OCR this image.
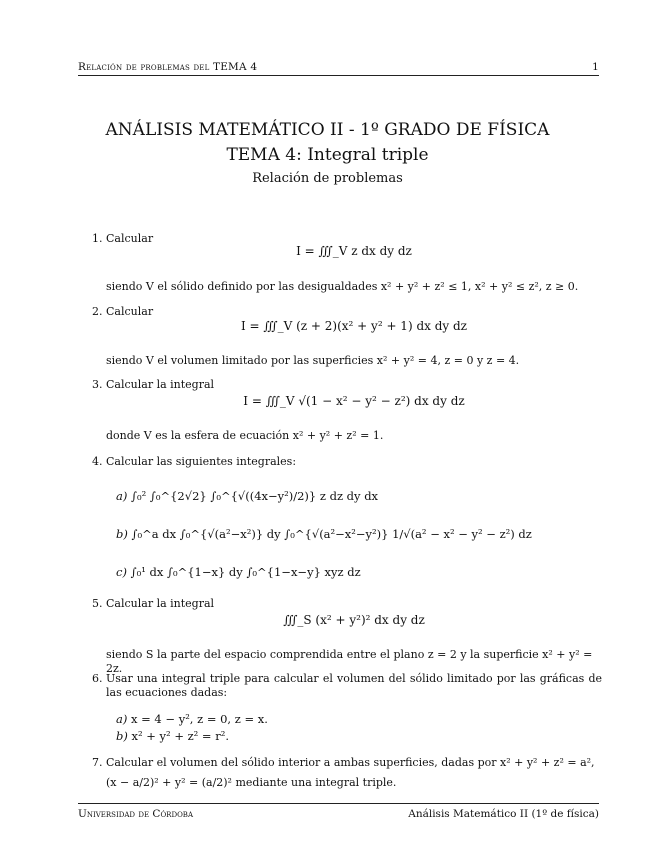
Relación de problemas del TEMA 4	1
ANÁLISIS MATEMÁTICO II - 1º GRADO DE FÍSICA
TEMA 4: Integral triple
Relación de problemas
1. Calcular
I = ∭_V z dx dy dz
siendo V el sólido definido por las desigualdades x² + y² + z² ≤ 1, x² + y² ≤ z², z ≥ 0.
2. Calcular
I = ∭_V (z + 2)(x² + y² + 1) dx dy dz
siendo V el volumen limitado por las superficies x² + y² = 4, z = 0 y z = 4.
3. Calcular la integral
I = ∭_V √(1 − x² − y² − z²) dx dy dz
donde V es la esfera de ecuación x² + y² + z² = 1.
4. Calcular las siguientes integrales:
a) ∫₀² ∫₀^{2√2} ∫₀^{√((4x−y²)/2)} z dz dy dx
b) ∫₀^a dx ∫₀^{√(a²−x²)} dy ∫₀^{√(a²−x²−y²)} 1/√(a² − x² − y² − z²) dz
c) ∫₀¹ dx ∫₀^{1−x} dy ∫₀^{1−x−y} xyz dz
5. Calcular la integral
∭_S (x² + y²)² dx dy dz
siendo S la parte del espacio comprendida entre el plano z = 2 y la superficie x² + y² = 2z.
6. Usar una integral triple para calcular el volumen del sólido limitado por las gráficas de las ecuaciones dadas:
a) x = 4 − y², z = 0, z = x.
b) x² + y² + z² = r².
7. Calcular el volumen del sólido interior a ambas superficies, dadas por x² + y² + z² = a²,
(x − a/2)² + y² = (a/2)² mediante una integral triple.
Universidad de Córdoba	Análisis Matemático II (1º de física)
